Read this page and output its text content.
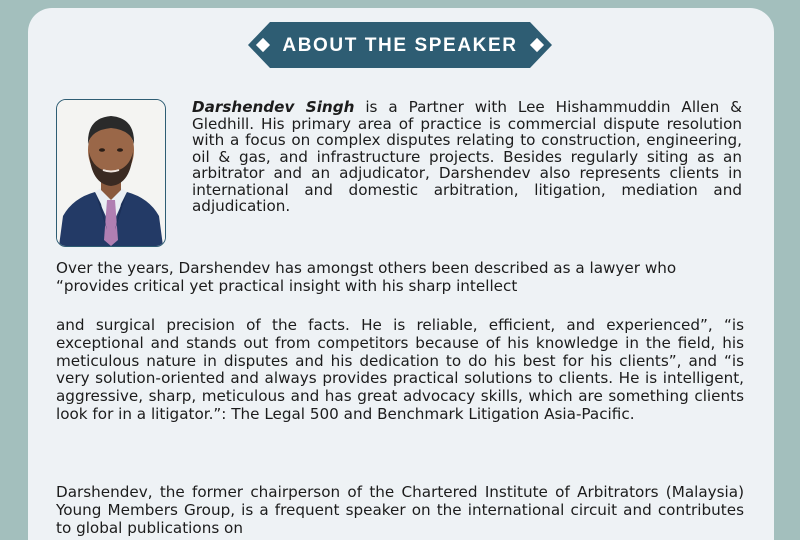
ABOUT THE SPEAKER

Darshendev Singh is a Partner with Lee Hishammuddin Allen & Gledhill. His primary area of practice is commercial dispute resolution with a focus on complex disputes relating to construction, engineering, oil & gas, and infrastructure projects. Besides regularly siting as an arbitrator and an adjudicator, Darshendev also represents clients in international and domestic arbitration, litigation, mediation and adjudication.

Over the years, Darshendev has amongst others been described as a lawyer who “provides critical yet practical insight with his sharp intellect

and surgical precision of the facts. He is reliable, efficient, and experienced”, “is exceptional and stands out from competitors because of his knowledge in the field, his meticulous nature in disputes and his dedication to do his best for his clients”, and “is very solution-oriented and always provides practical solutions to clients. He is intelligent, aggressive, sharp, meticulous and has great advocacy skills, which are something clients look for in a litigator.”: The Legal 500 and Benchmark Litigation Asia-Pacific.

Darshendev, the former chairperson of the Chartered Institute of Arbitrators (Malaysia) Young Members Group, is a frequent speaker on the international circuit and contributes to global publications on
